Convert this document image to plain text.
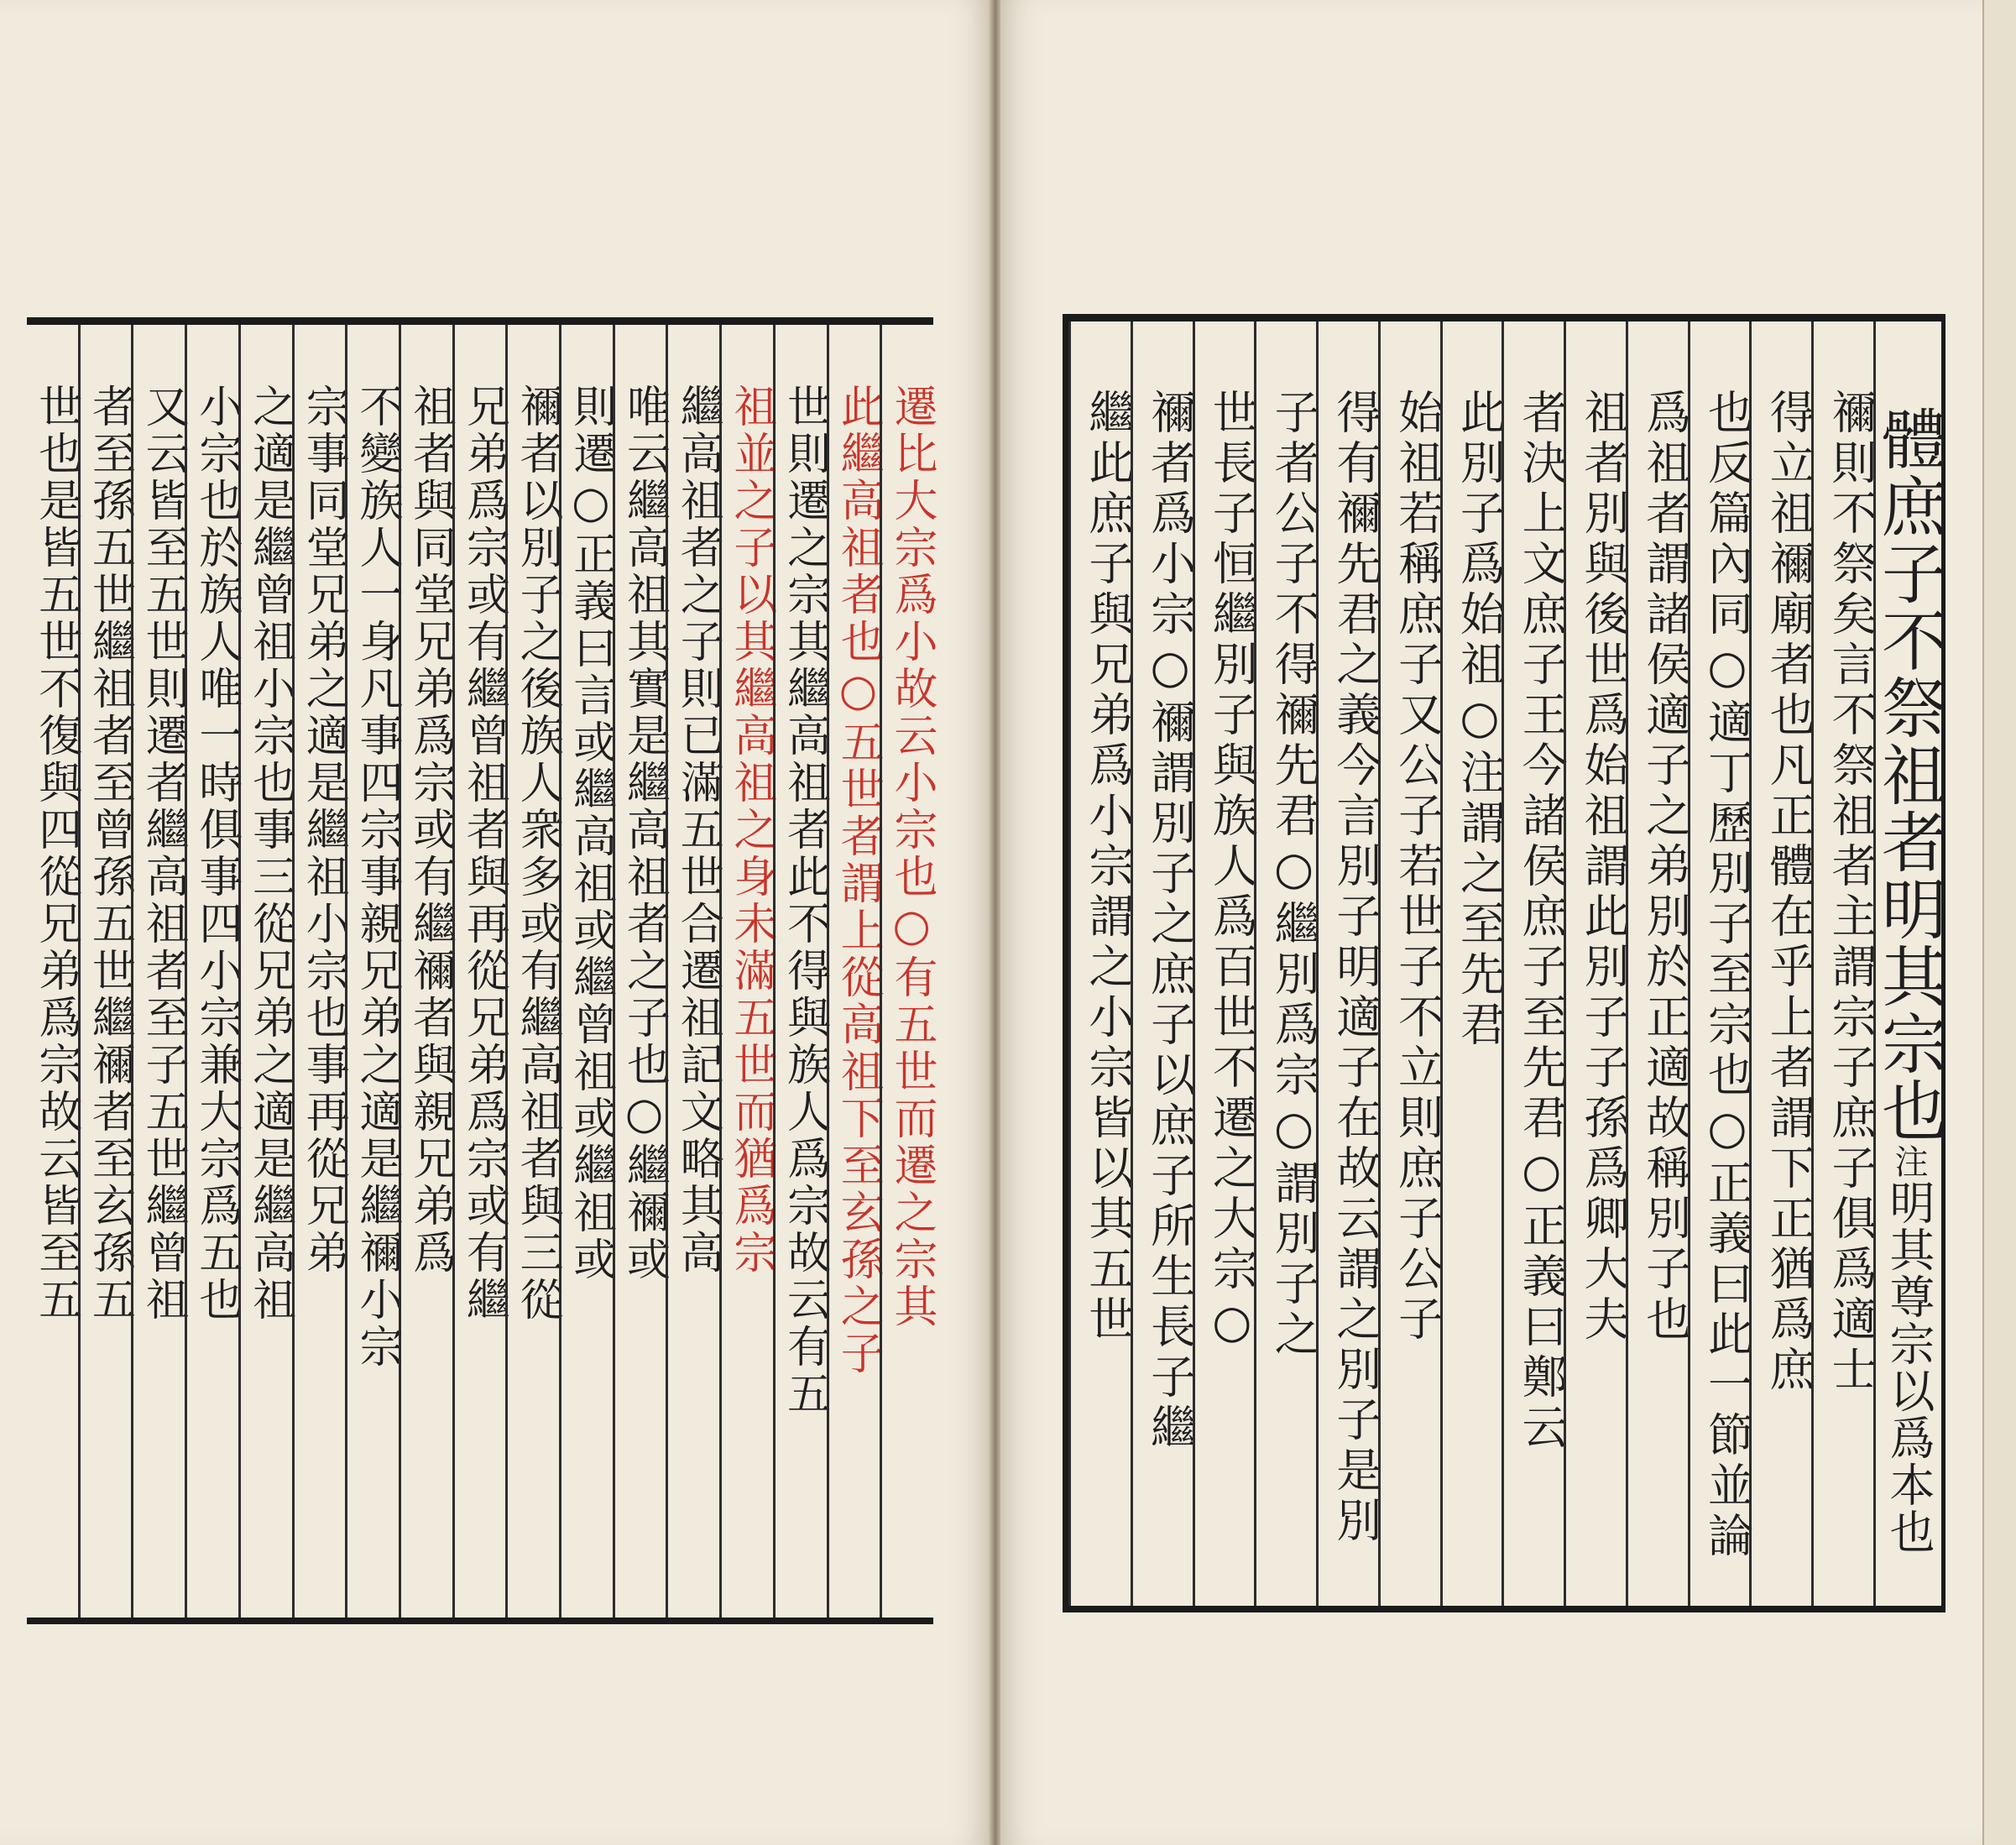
遷比大宗爲小故云小宗也○有五世而遷之宗其
此繼高祖者也○五世者謂上從高祖下至玄孫之子
世則遷之宗其繼高祖者此不得與族人爲宗故云有五
祖並之子以其繼高祖之身未滿五世而猶爲宗
繼高祖者之子則已滿五世合遷祖記文略其高
唯云繼高祖其實是繼高祖者之子也○繼禰或
則遷○正義曰言或繼高祖或繼曾祖或繼祖或
禰者以別子之後族人衆多或有繼高祖者與三從
兄弟爲宗或有繼曾祖者與再從兄弟爲宗或有繼
祖者與同堂兄弟爲宗或有繼禰者與親兄弟爲
不變族人一身凡事四宗事親兄弟之適是繼禰小宗
宗事同堂兄弟之適是繼祖小宗也事再從兄弟
之適是繼曾祖小宗也事三從兄弟之適是繼高祖
小宗也於族人唯一時俱事四小宗兼大宗爲五也
又云皆至五世則遷者繼高祖者至子五世繼曾祖
者至孫五世繼祖者至曾孫五世繼禰者至玄孫五
世也是皆五世不復與四從兄弟爲宗故云皆至五	體庶子不祭祖者明其宗也注明其尊宗以爲本也
禰則不祭矣言不祭祖者主謂宗子庶子俱爲適士
得立祖禰廟者也凡正體在乎上者謂下正猶爲庶
也反篇內同○適丁歷別子至宗也○正義曰此一節並論
爲祖者謂諸侯適子之弟別於正適故稱別子也
祖者別與後世爲始祖謂此別子子孫爲卿大夫
者決上文庶子王今諸侯庶子至先君○正義曰鄭云
此別子爲始祖○注謂之至先君
始祖若稱庶子又公子若世子不立則庶子公子
得有禰先君之義今言別子明適子在故云謂之別子是別
子者公子不得禰先君○繼別爲宗○謂別子之
世長子恒繼別子與族人爲百世不遷之大宗○
禰者爲小宗○禰謂別子之庶子以庶子所生長子繼
繼此庶子與兄弟爲小宗謂之小宗皆以其五世
